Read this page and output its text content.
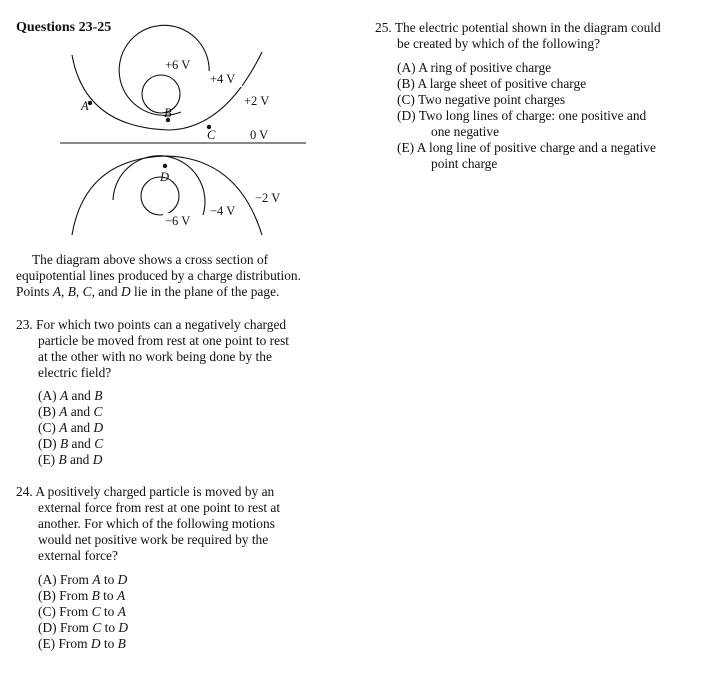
Questions 23-25
+6 V
+4 V
+2 V
0 V
−2 V
−4 V
−6 V
A	B
C
D
The diagram above shows a cross section of
equipotential lines produced by a charge distribution.
Points A, B, C, and D lie in the plane of the page.
23. For which two points can a negatively charged
particle be moved from rest at one point to rest
at the other with no work being done by the
electric field?
(A) A and B
(B) A and C
(C) A and D
(D) B and C
(E) B and D
24. A positively charged particle is moved by an
external force from rest at one point to rest at
another. For which of the following motions
would net positive work be required by the
external force?
(A) From A to D
(B) From B to A
(C) From C to A
(D) From C to D
(E) From D to B
25. The electric potential shown in the diagram could
be created by which of the following?
(A) A ring of positive charge
(B) A large sheet of positive charge
(C) Two negative point charges
(D) Two long lines of charge: one positive and
one negative
(E) A long line of positive charge and a negative
point charge
